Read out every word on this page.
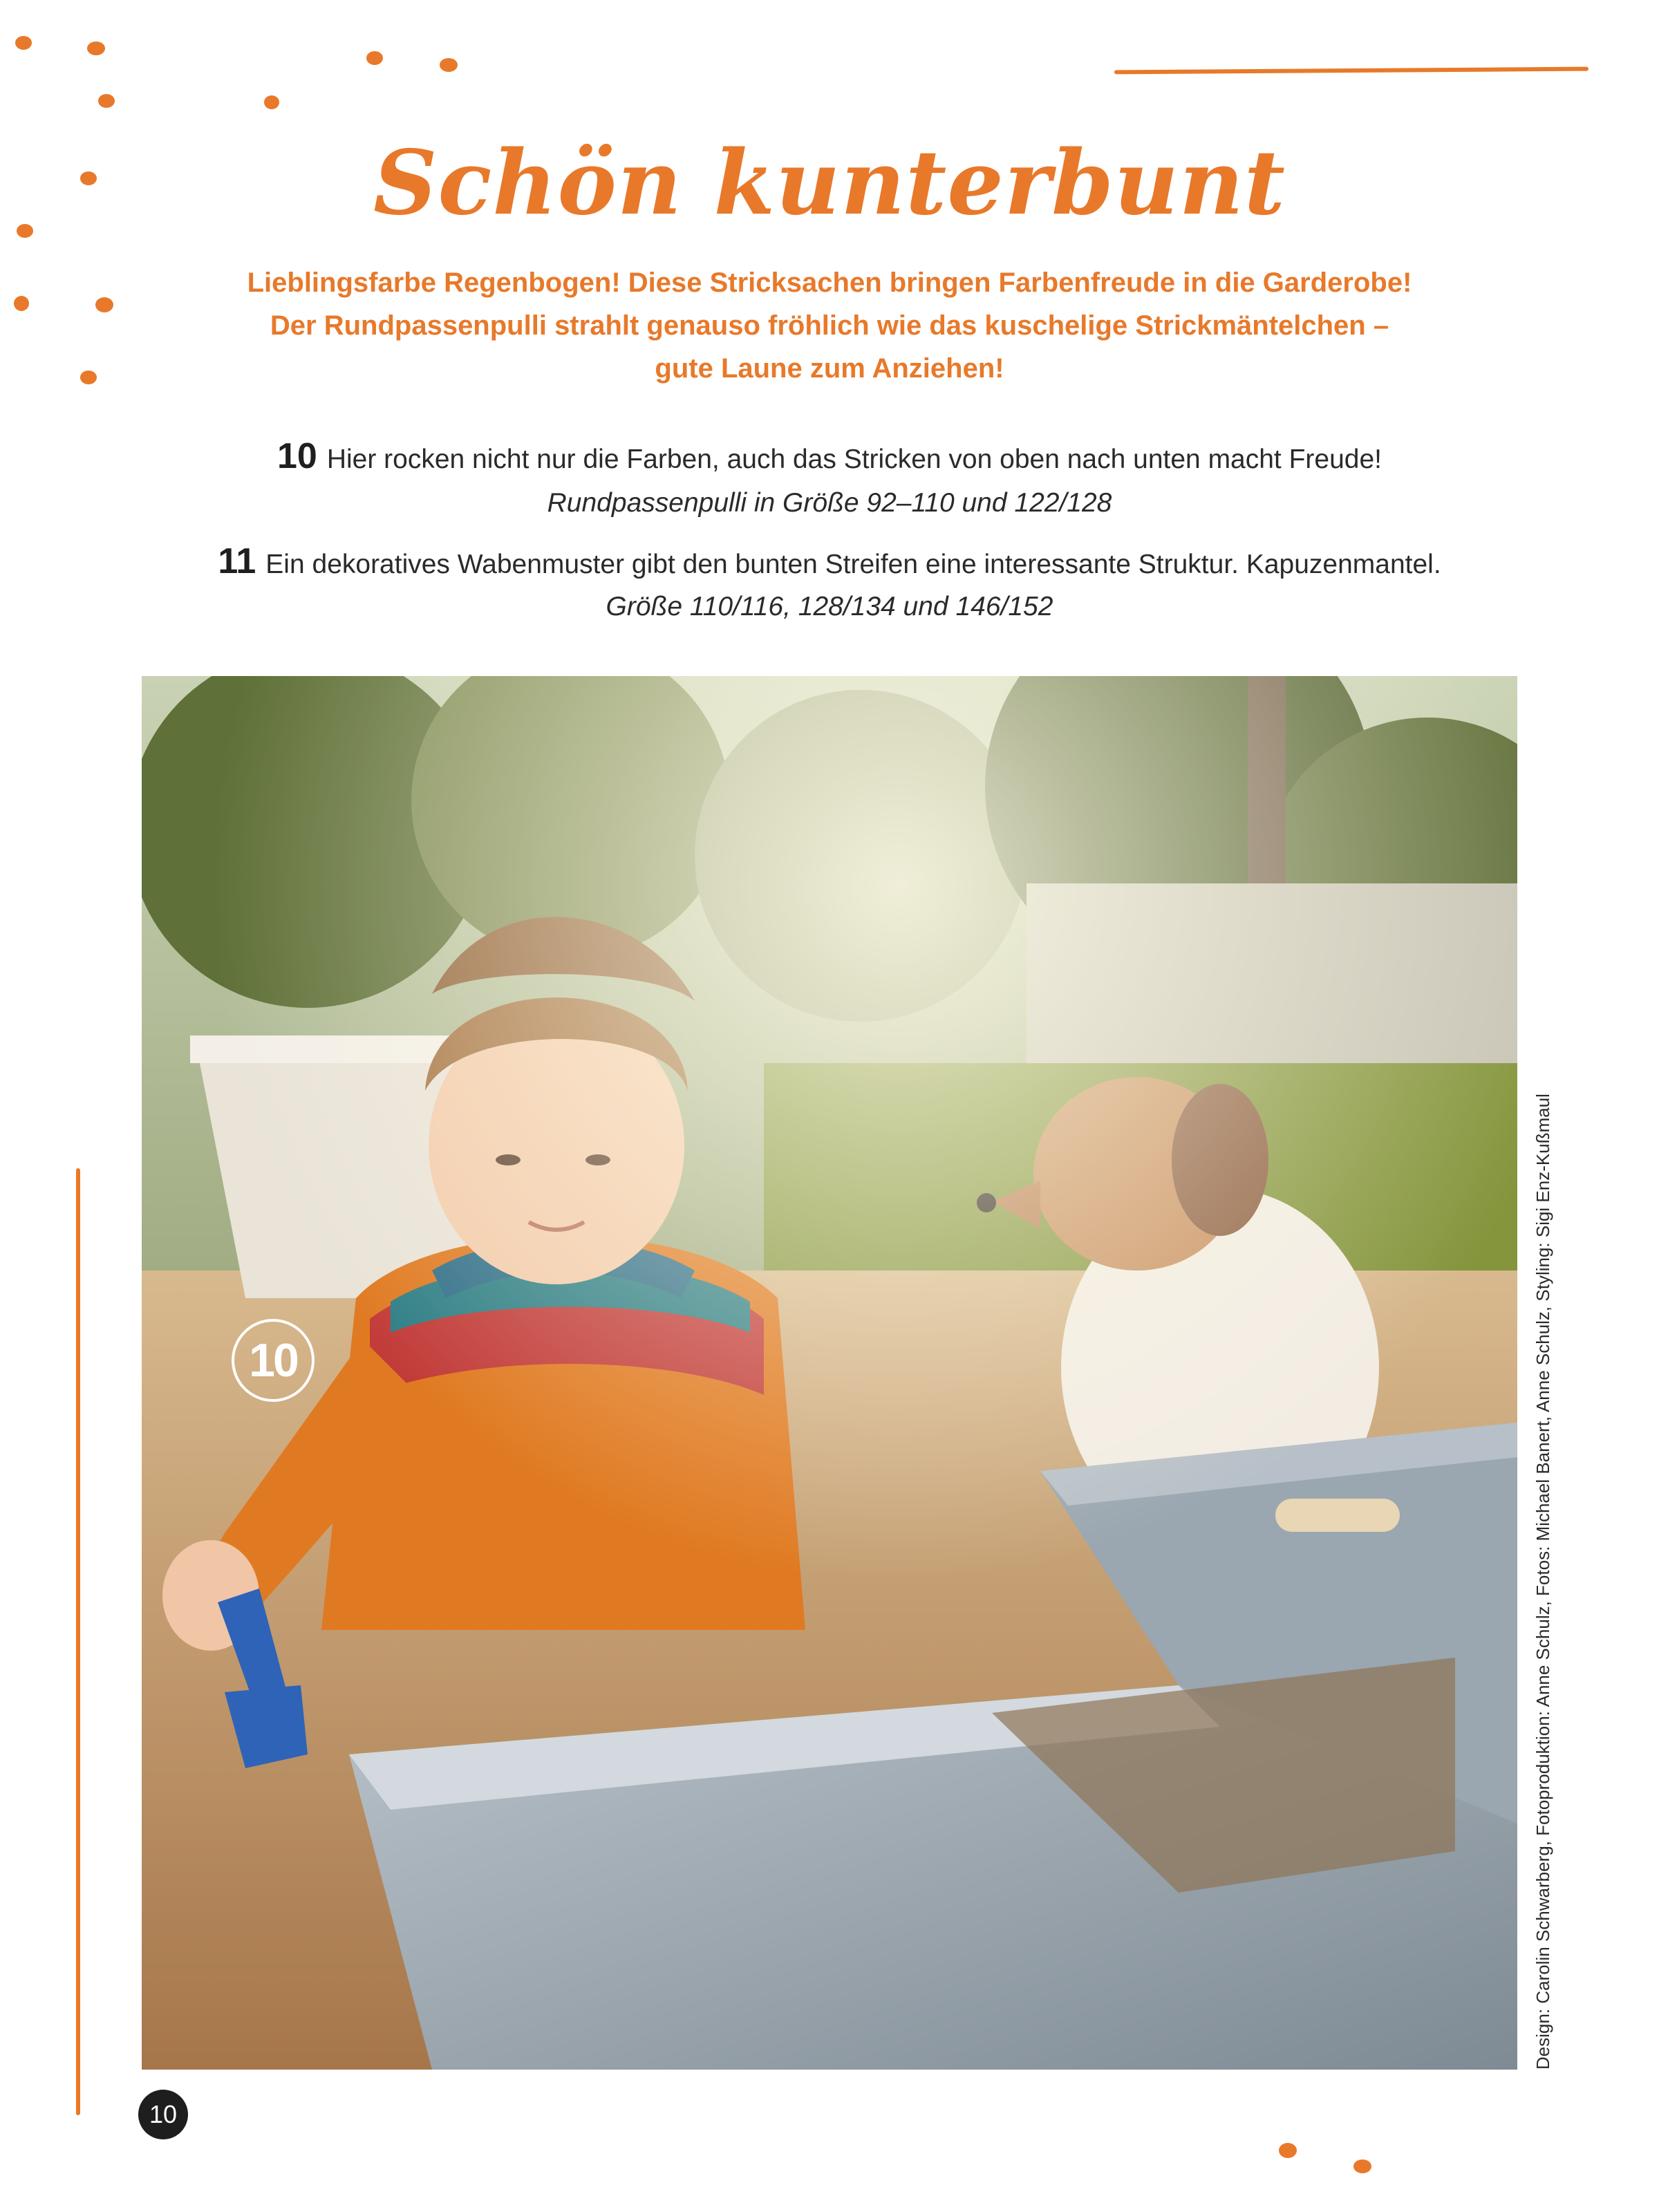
Schön kunterbunt
Lieblingsfarbe Regenbogen! Diese Stricksachen bringen Farbenfreude in die Garderobe!
Der Rundpassenpulli strahlt genauso fröhlich wie das kuschelige Strickmäntelchen –
gute Laune zum Anziehen!
10 Hier rocken nicht nur die Farben, auch das Stricken von oben nach unten macht Freude!
Rundpassenpulli in Größe 92–110 und 122/128
11 Ein dekoratives Wabenmuster gibt den bunten Streifen eine interessante Struktur. Kapuzenmantel.
Größe 110/116, 128/134 und 146/152
10	Design: Carolin Schwarberg, Fotoproduktion: Anne Schulz, Fotos: Michael Banert, Anne Schulz, Styling: Sigi Enz-Kußmaul
10
